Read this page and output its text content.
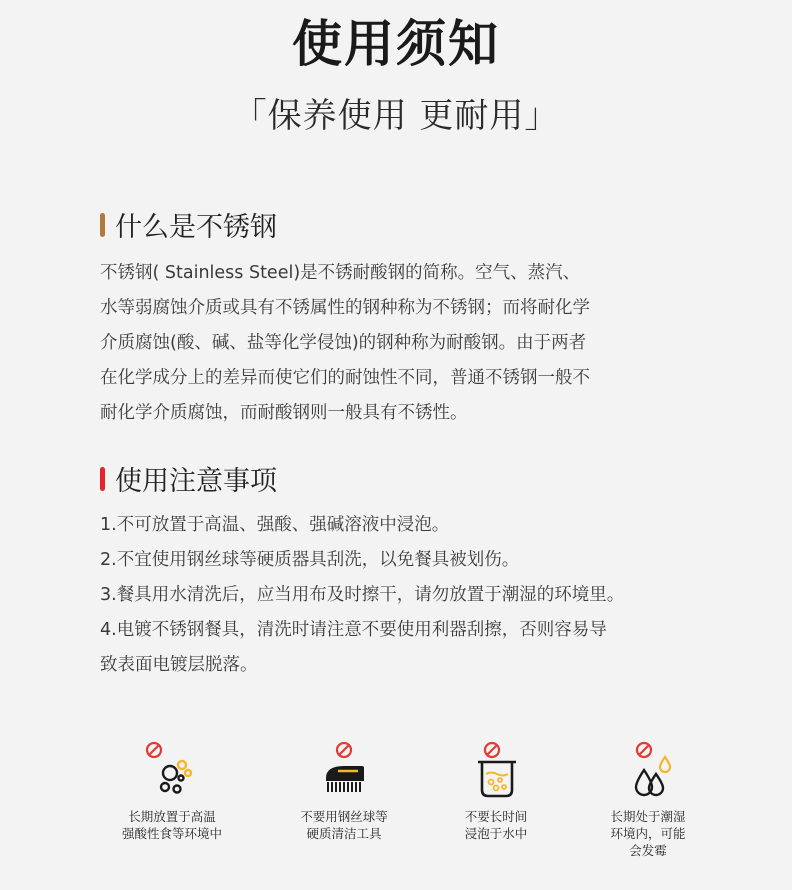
使用须知
「保养使用 更耐用」
什么是不锈钢
不锈钢( Stainless Steel)是不锈耐酸钢的简称。空气、蒸汽、
水等弱腐蚀介质或具有不锈属性的钢种称为不锈钢；而将耐化学
介质腐蚀(酸、碱、盐等化学侵蚀)的钢种称为耐酸钢。由于两者
在化学成分上的差异而使它们的耐蚀性不同，普通不锈钢一般不
耐化学介质腐蚀，而耐酸钢则一般具有不锈性。
使用注意事项
1.不可放置于高温、强酸、强碱溶液中浸泡。
2.不宜使用钢丝球等硬质器具刮洗，以免餐具被划伤。
3.餐具用水清洗后，应当用布及时擦干，请勿放置于潮湿的环境里。
4.电镀不锈钢餐具，清洗时请注意不要使用利器刮擦，否则容易导
致表面电镀层脱落。
长期放置于高温
强酸性食等环境中
不要用钢丝球等
硬质清洁工具
不要长时间
浸泡于水中
长期处于潮湿
环境内，可能
会发霉
